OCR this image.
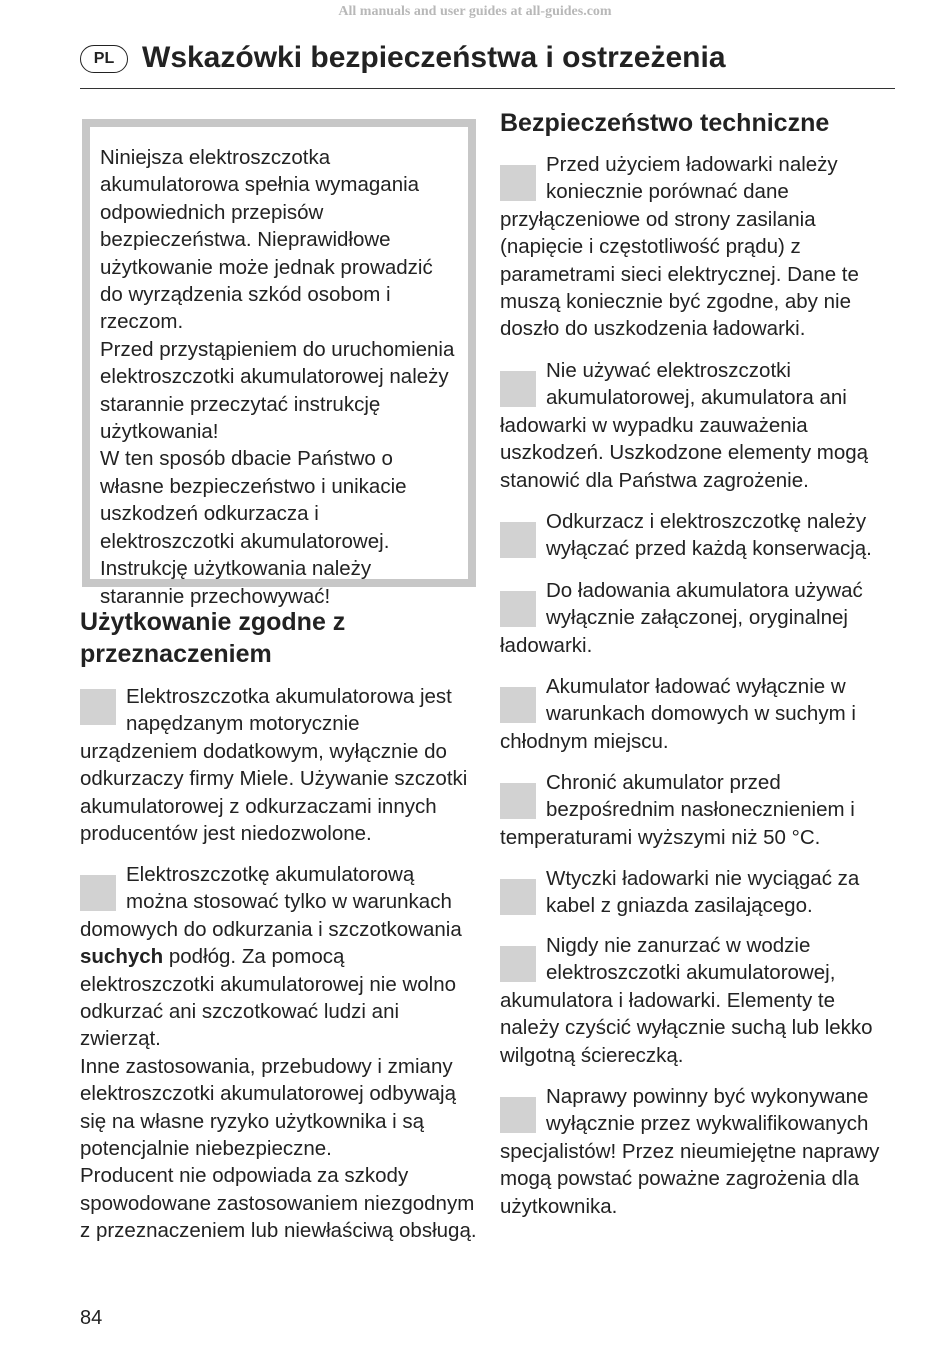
All manuals and user guides at all-guides.com
PL Wskazówki bezpieczeństwa i ostrzeżenia

Niniejsza elektroszczotka akumulatorowa spełnia wymagania odpowiednich przepisów bezpieczeństwa. Nieprawidłowe użytkowanie może jednak prowadzić do wyrządzenia szkód osobom i rzeczom.

Przed przystąpieniem do uruchomienia elektroszczotki akumulatorowej należy starannie przeczytać instrukcję użytkowania!

W ten sposób dbacie Państwo o własne bezpieczeństwo i unikacie uszkodzeń odkurzacza i elektroszczotki akumulatorowej.

Instrukcję użytkowania należy starannie przechowywać!

Użytkowanie zgodne z przeznaczeniem

Elektroszczotka akumulatorowa jest napędzanym motorycznie urządzeniem dodatkowym, wyłącznie do odkurzaczy firmy Miele. Używanie szczotki akumulatorowej z odkurzaczami innych producentów jest niedozwolone.

Elektroszczotkę akumulatorową można stosować tylko w warunkach domowych do odkurzania i szczotkowania suchych podłóg. Za pomocą elektroszczotki akumulatorowej nie wolno odkurzać ani szczotkować ludzi ani zwierząt.

Inne zastosowania, przebudowy i zmiany elektroszczotki akumulatorowej odbywają się na własne ryzyko użytkownika i są potencjalnie niebezpieczne.

Producent nie odpowiada za szkody spowodowane zastosowaniem niezgodnym z przeznaczeniem lub niewłaściwą obsługą.

Bezpieczeństwo techniczne

Przed użyciem ładowarki należy koniecznie porównać dane przyłączeniowe od strony zasilania (napięcie i częstotliwość prądu) z parametrami sieci elektrycznej. Dane te muszą koniecznie być zgodne, aby nie doszło do uszkodzenia ładowarki.

Nie używać elektroszczotki akumulatorowej, akumulatora ani ładowarki w wypadku zauważenia uszkodzeń. Uszkodzone elementy mogą stanowić dla Państwa zagrożenie.

Odkurzacz i elektroszczotkę należy wyłączać przed każdą konserwacją.

Do ładowania akumulatora używać wyłącznie załączonej, oryginalnej ładowarki.

Akumulator ładować wyłącznie w warunkach domowych w suchym i chłodnym miejscu.

Chronić akumulator przed bezpośrednim nasłonecznieniem i temperaturami wyższymi niż 50 °C.

Wtyczki ładowarki nie wyciągać za kabel z gniazda zasilającego.

Nigdy nie zanurzać w wodzie elektroszczotki akumulatorowej, akumulatora i ładowarki. Elementy te należy czyścić wyłącznie suchą lub lekko wilgotną ściereczką.

Naprawy powinny być wykonywane wyłącznie przez wykwalifikowanych specjalistów! Przez nieumiejętne naprawy mogą powstać poważne zagrożenia dla użytkownika.

84
